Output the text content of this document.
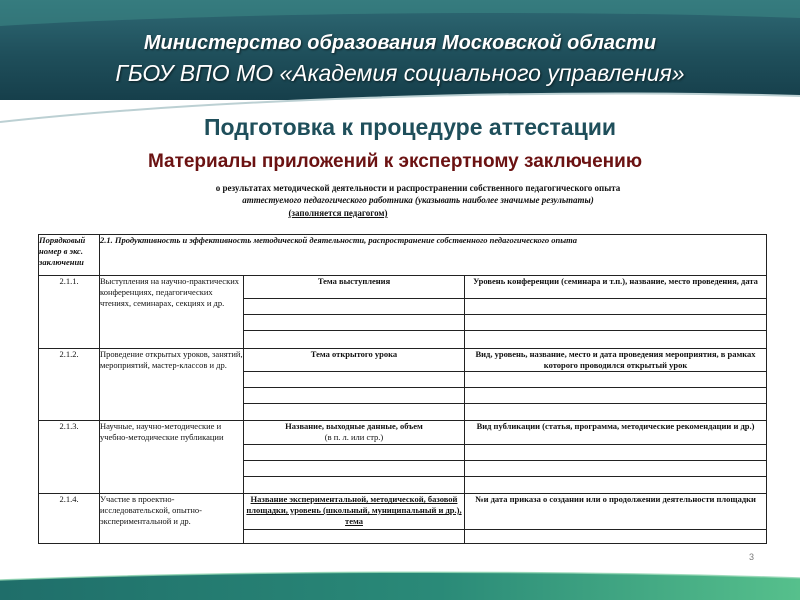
Министерство образования Московской области
ГБОУ ВПО МО «Академия социального управления»
Подготовка к процедуре аттестации
Материалы приложений к экспертному заключению
о результатах методической деятельности и распространении собственного педагогического опыта
аттестуемого педагогического работника (указывать наиболее значимые результаты)
(заполняется педагогом)
Порядковый номер в экс. заключении	2.1. Продуктивность и эффективность методической деятельности, распространение собственного педагогического опыта		
2.1.1.	Выступления на научно-практических конференциях, педагогических чтениях, семинарах, секциях и др.	Тема выступления	Уровень конференции (семинара и т.п.), название, место проведения, дата

2.1.2.	Проведение открытых уроков, занятий, мероприятий, мастер-классов и др.	Тема открытого урока	Вид, уровень, название, место и дата проведения мероприятия, в рамках которого проводился открытый урок

2.1.3.	Научные, научно-методические и учебно-методические публикации	Название, выходные данные, объем
(в п. л. или стр.)	Вид публикации (статья, программа, методические рекомендации и др.)

2.1.4.	Участие в проектно-исследовательской, опытно-экспериментальной и др.	Название экспериментальной, методической, базовой площадки, уровень (школьный, муниципальный и др.), тема	№и дата приказа о создании или о продолжении деятельности площадки

3
